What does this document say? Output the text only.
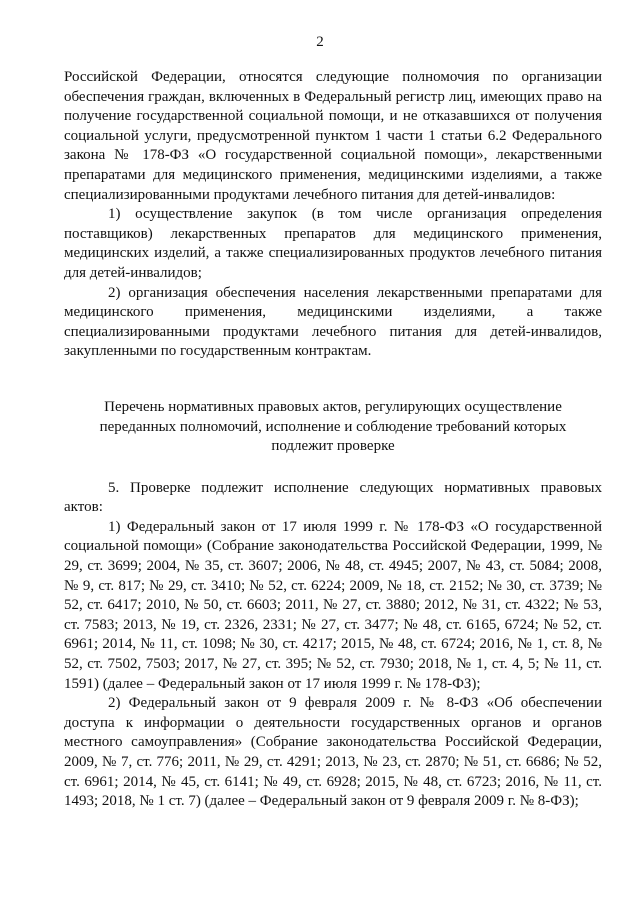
2

Российской Федерации, относятся следующие полномочия по организации обеспечения граждан, включенных в Федеральный регистр лиц, имеющих право на получение государственной социальной помощи, и не отказавшихся от получения социальной услуги, предусмотренной пунктом 1 части 1 статьи 6.2 Федерального закона № 178-ФЗ «О государственной социальной помощи», лекарственными препаратами для медицинского применения, медицинскими изделиями, а также специализированными продуктами лечебного питания для детей-инвалидов:

1) осуществление закупок (в том числе организация определения поставщиков) лекарственных препаратов для медицинского применения, медицинских изделий, а также специализированных продуктов лечебного питания для детей-инвалидов;

2) организация обеспечения населения лекарственными препаратами для медицинского применения, медицинскими изделиями, а также специализированными продуктами лечебного питания для детей-инвалидов, закупленными по государственным контрактам.

Перечень нормативных правовых актов, регулирующих осуществление переданных полномочий, исполнение и соблюдение требований которых подлежит проверке

5. Проверке подлежит исполнение следующих нормативных правовых актов:

1) Федеральный закон от 17 июля 1999 г. № 178-ФЗ «О государственной социальной помощи» (Собрание законодательства Российской Федерации, 1999, № 29, ст. 3699; 2004, № 35, ст. 3607; 2006, № 48, ст. 4945; 2007, № 43, ст. 5084; 2008, № 9, ст. 817; № 29, ст. 3410; № 52, ст. 6224; 2009, № 18, ст. 2152; № 30, ст. 3739; № 52, ст. 6417; 2010, № 50, ст. 6603; 2011, № 27, ст. 3880; 2012, № 31, ст. 4322; № 53, ст. 7583; 2013, № 19, ст. 2326, 2331; № 27, ст. 3477; № 48, ст. 6165, 6724; № 52, ст. 6961; 2014, № 11, ст. 1098; № 30, ст. 4217; 2015, № 48, ст. 6724; 2016, № 1, ст. 8, № 52, ст. 7502, 7503; 2017, № 27, ст. 395; № 52, ст. 7930; 2018, № 1, ст. 4, 5; № 11, ст. 1591) (далее – Федеральный закон от 17 июля 1999 г. № 178-ФЗ);

2) Федеральный закон от 9 февраля 2009 г. № 8-ФЗ «Об обеспечении доступа к информации о деятельности государственных органов и органов местного самоуправления» (Собрание законодательства Российской Федерации, 2009, № 7, ст. 776; 2011, № 29, ст. 4291; 2013, № 23, ст. 2870; № 51, ст. 6686; № 52, ст. 6961; 2014, № 45, ст. 6141; № 49, ст. 6928; 2015, № 48, ст. 6723; 2016, № 11, ст. 1493; 2018, № 1 ст. 7) (далее – Федеральный закон от 9 февраля 2009 г. № 8-ФЗ);
